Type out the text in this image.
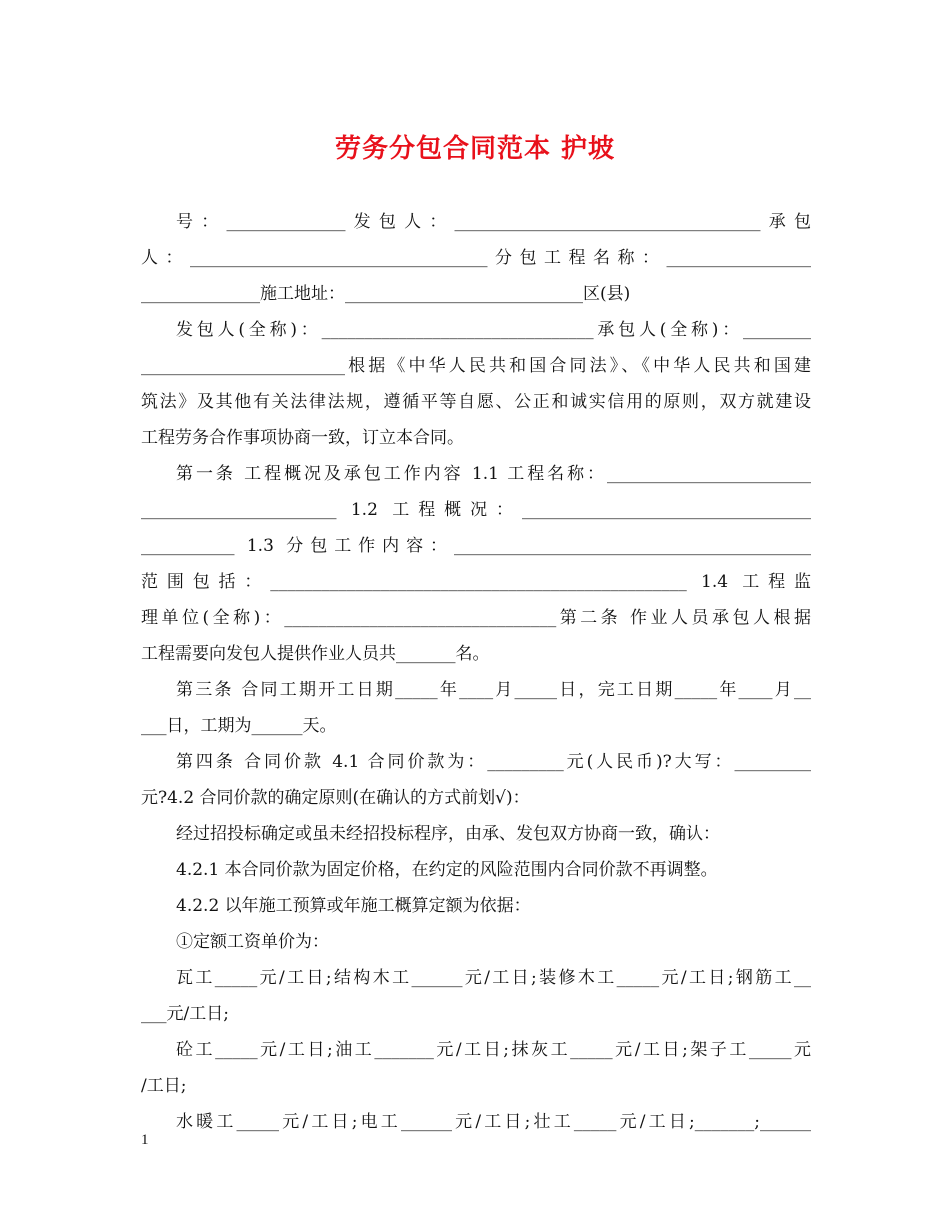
劳务分包合同范本 护坡
号：______________发包人：____________________________________承包
人：___________________________________分包工程名称：_________________
______________施工地址：____________________________区(县)
发包人(全称)：________________________________承包人(全称)：________
________________________根据《中华人民共和国合同法》、《中华人民共和国建
筑法》及其他有关法律法规，遵循平等自愿、公正和诚实信用的原则，双方就建设
工程劳务合作事项协商一致，订立本合同。
第一条 工程概况及承包工作内容 1.1 工程名称：________________________
_______________________ 1.2 工程概况：__________________________________
___________ 1.3 分包工作内容：__________________________________________
范围包括：_________________________________________________ 1.4 工程监
理单位(全称)：________________________________第二条 作业人员承包人根据
工程需要向发包人提供作业人员共_______名。
第三条 合同工期开工日期_____年____月_____日，完工日期_____年____月__
___日，工期为______天。
第四条 合同价款 4.1 合同价款为：_________元(人民币)?大写：_________
元?4.2 合同价款的确定原则(在确认的方式前划√)：
经过招投标确定或虽未经招投标程序，由承、发包双方协商一致，确认：
4.2.1 本合同价款为固定价格，在约定的风险范围内合同价款不再调整。
4.2.2 以年施工预算或年施工概算定额为依据：
①定额工资单价为：
瓦工_____元/工日;结构木工______元/工日;装修木工_____元/工日;钢筋工__
___元/工日;
砼工_____元/工日;油工_______元/工日;抹灰工_____元/工日;架子工_____元
/工日;
水暖工_____元/工日;电工______元/工日;壮工_____元/工日;_______;______
1
